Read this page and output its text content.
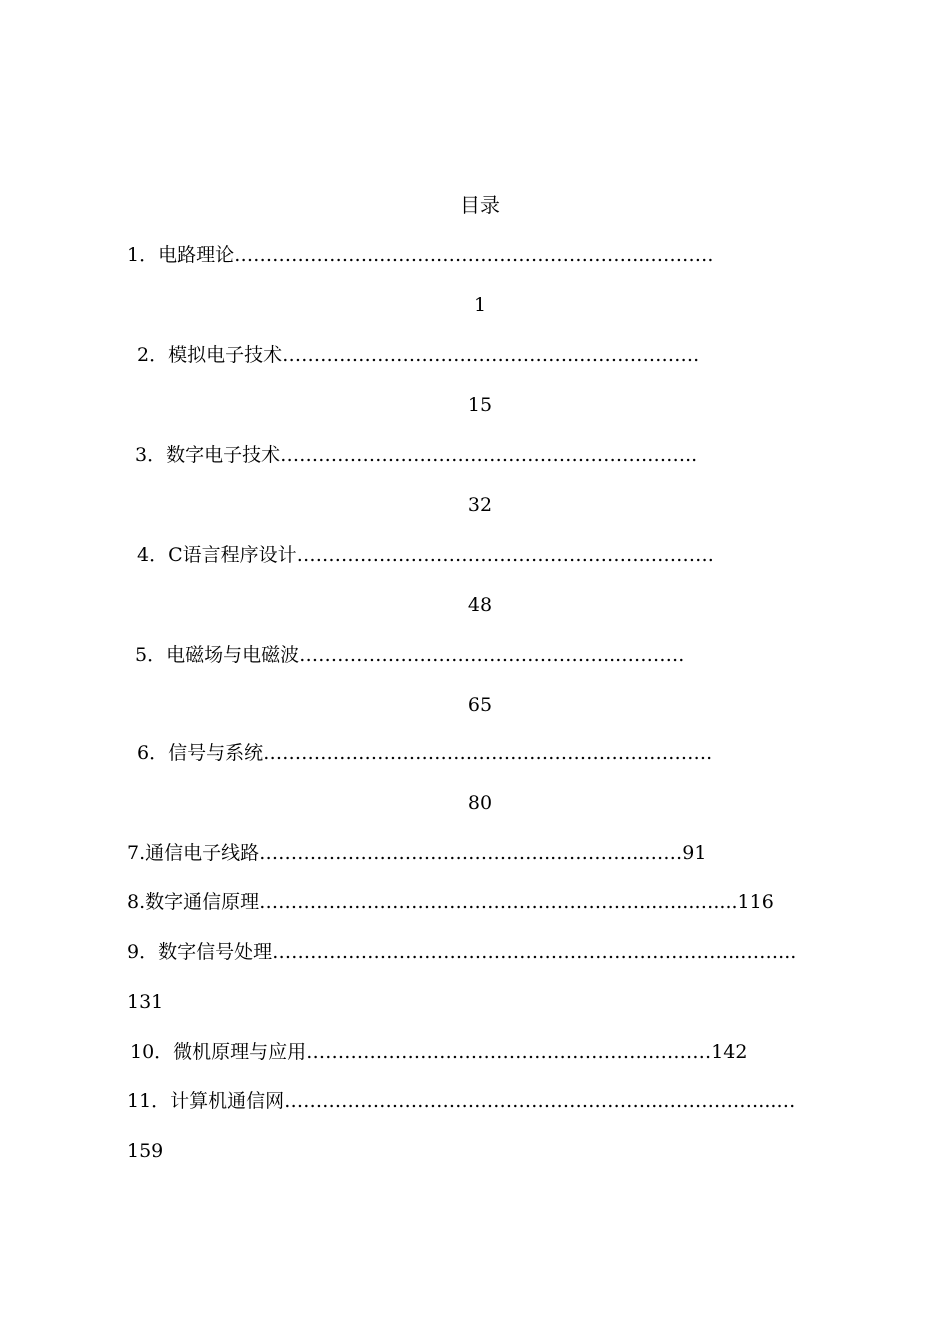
目录
1．电路理论…………………..……….…………………………...……….
1
2．模拟电子技术………………………………………..……………….
15
3．数字电子技术………………………………………………….……..
32
4．C语言程序设计………………………………………………..……….
48
5．电磁场与电磁波…………………………………………...……….
65
6．信号与系统…………………………………………………….……….
80
7.通信电子线路………………………………………..…………..……91
8.数字通信原理……………………………………………………...…...…....116
9．数字信号处理………………………………………………………………..……...
131
10．微机原理与应用……………………………………………….………142
11．计算机通信网…………………………………………………...……………...…
159
